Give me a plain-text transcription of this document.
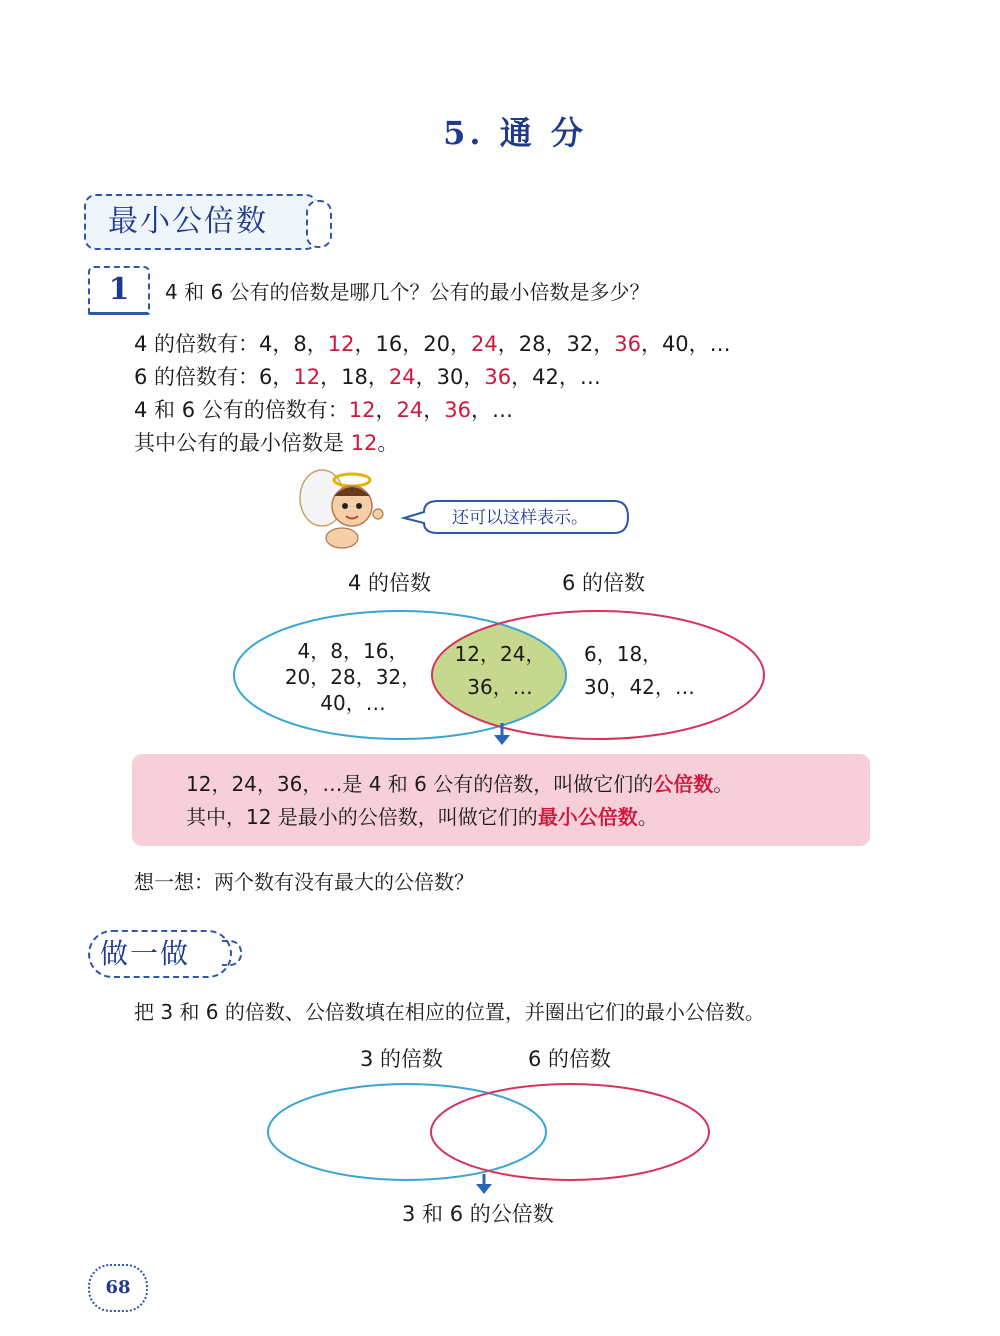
5. 通 分
最小公倍数
1	4 和 6 公有的倍数是哪几个？公有的最小倍数是多少？
4 的倍数有：4，8，12，16，20，24，28，32，36，40，…
6 的倍数有：6，12，18，24，30，36，42，…
4 和 6 公有的倍数有：12，24，36，…
其中公有的最小倍数是 12。
还可以这样表示。
4 的倍数	6 的倍数
4，8，16，
20，28，32，
40，…
12，24，
36，…
6，18，
30，42，…
12，24，36，…是 4 和 6 公有的倍数，叫做它们的公倍数。
其中，12 是最小的公倍数，叫做它们的最小公倍数。
想一想：两个数有没有最大的公倍数？
做一做
把 3 和 6 的倍数、公倍数填在相应的位置，并圈出它们的最小公倍数。
3 的倍数	6 的倍数
3 和 6 的公倍数
68
